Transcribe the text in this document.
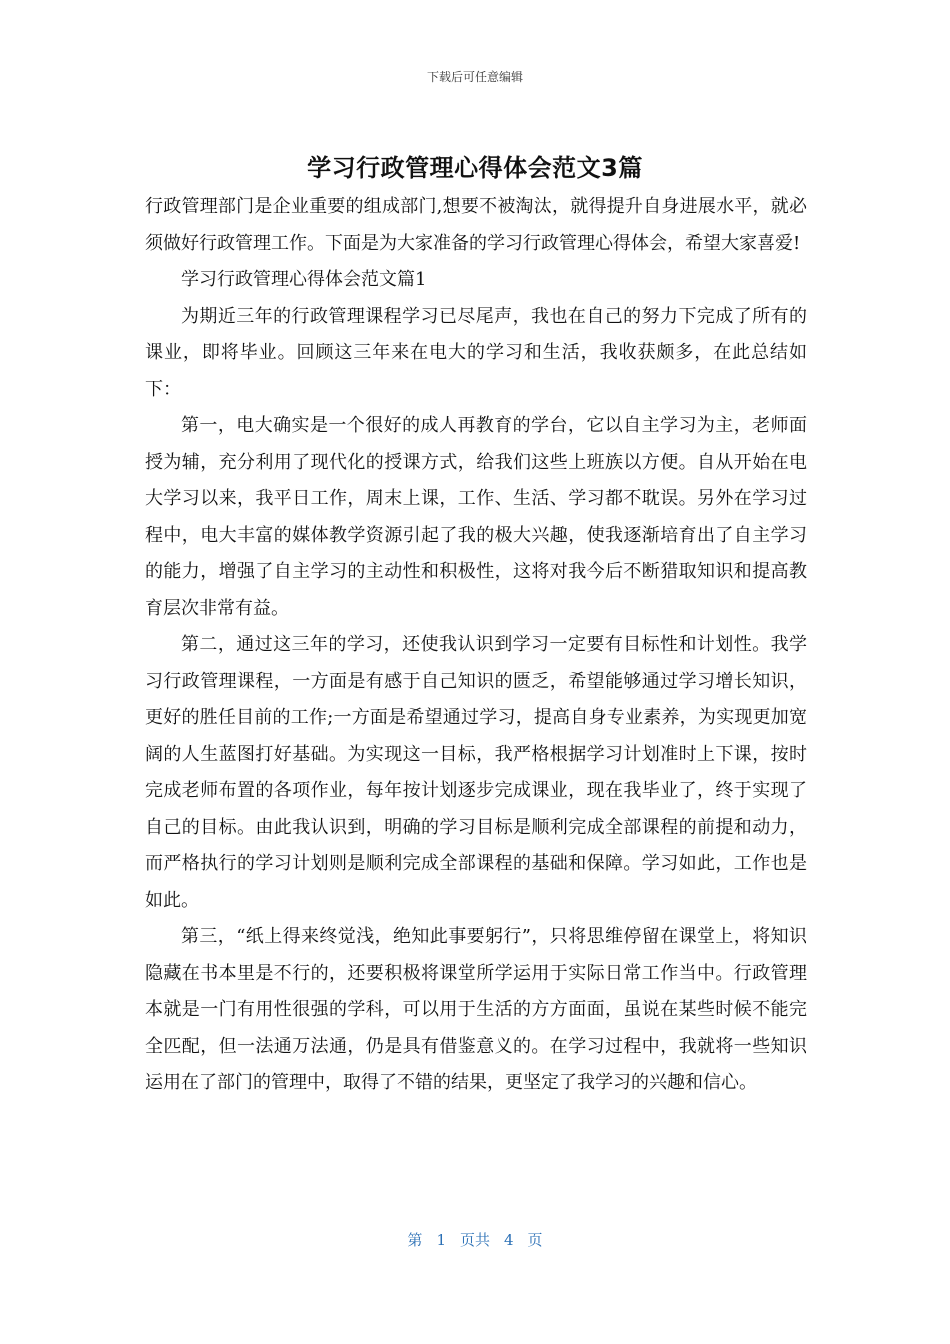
下载后可任意编辑
学习行政管理心得体会范文3篇

行政管理部门是企业重要的组成部门,想要不被淘汰，就得提升自身进展水平，就必须做好行政管理工作。下面是为大家准备的学习行政管理心得体会，希望大家喜爱!

学习行政管理心得体会范文篇1

为期近三年的行政管理课程学习已尽尾声，我也在自己的努力下完成了所有的课业，即将毕业。回顾这三年来在电大的学习和生活，我收获颇多，在此总结如下：

第一，电大确实是一个很好的成人再教育的学台，它以自主学习为主，老师面授为辅，充分利用了现代化的授课方式，给我们这些上班族以方便。自从开始在电大学习以来，我平日工作，周末上课，工作、生活、学习都不耽误。另外在学习过程中，电大丰富的媒体教学资源引起了我的极大兴趣，使我逐渐培育出了自主学习的能力，增强了自主学习的主动性和积极性，这将对我今后不断猎取知识和提高教育层次非常有益。

第二，通过这三年的学习，还使我认识到学习一定要有目标性和计划性。我学习行政管理课程，一方面是有感于自己知识的匮乏，希望能够通过学习增长知识，更好的胜任目前的工作;一方面是希望通过学习，提高自身专业素养，为实现更加宽阔的人生蓝图打好基础。为实现这一目标，我严格根据学习计划准时上下课，按时完成老师布置的各项作业，每年按计划逐步完成课业，现在我毕业了，终于实现了自己的目标。由此我认识到，明确的学习目标是顺利完成全部课程的前提和动力，而严格执行的学习计划则是顺利完成全部课程的基础和保障。学习如此，工作也是如此。

第三，“纸上得来终觉浅，绝知此事要躬行”，只将思维停留在课堂上，将知识隐藏在书本里是不行的，还要积极将课堂所学运用于实际日常工作当中。行政管理本就是一门有用性很强的学科，可以用于生活的方方面面，虽说在某些时候不能完全匹配，但一法通万法通，仍是具有借鉴意义的。在学习过程中，我就将一些知识运用在了部门的管理中，取得了不错的结果，更坚定了我学习的兴趣和信心。

第 1 页共 4 页
